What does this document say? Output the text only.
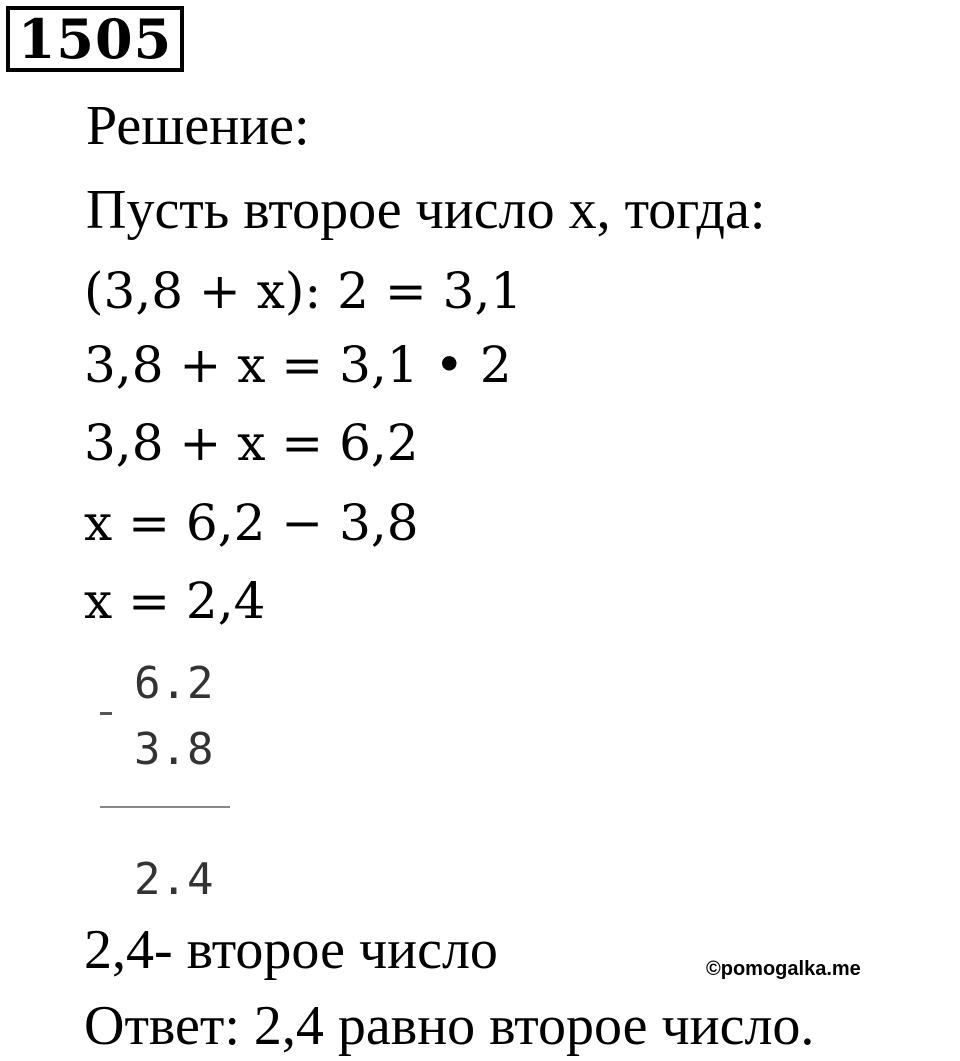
1505
Решение:
Пусть второе число x, тогда:
(3,8 + x): 2 = 3,1
3,8 + x = 3,1 • 2
3,8 + x = 6,2
x = 6,2 − 3,8
x = 2,4
6.2
3.8
2.4
2,4- второе число	©pomogalka.me
Ответ: 2,4 равно второе число.
